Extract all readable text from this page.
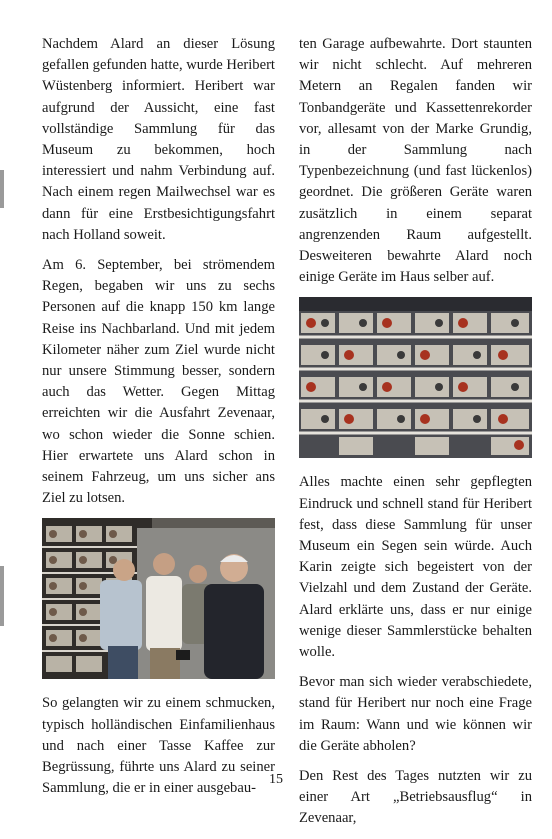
Nachdem Alard an dieser Lösung gefallen gefunden hatte, wurde Heribert Wüstenberg informiert. Heribert war aufgrund der Aussicht, eine fast vollständige Sammlung für das Museum zu bekommen, hoch interessiert und nahm Verbindung auf. Nach einem regen Mailwechsel war es dann für eine Erstbesichtigungsfahrt nach Holland soweit.

Am 6. September, bei strömendem Regen, begaben wir uns zu sechs Personen auf die knapp 150 km lange Reise ins Nachbarland. Und mit jedem Kilometer näher zum Ziel wurde nicht nur unsere Stimmung besser, sondern auch das Wetter. Gegen Mittag erreichten wir die Ausfahrt Zevenaar, wo schon wieder die Sonne schien. Hier erwartete uns Alard schon in seinem Fahrzeug, um uns sicher ans Ziel zu lotsen.

So gelangten wir zu einem schmucken, typisch holländischen Einfamilienhaus und nach einer Tasse Kaffee zur Begrüssung, führte uns Alard zu seiner Sammlung, die er in einer ausgebau-

ten Garage aufbewahrte. Dort staunten wir nicht schlecht. Auf mehreren Metern an Regalen fanden wir Tonbandgeräte und Kassettenrekorder vor, allesamt von der Marke Grundig, in der Sammlung nach Typenbezeichnung (und fast lückenlos) geordnet. Die größeren Geräte waren zusätzlich in einem separat angrenzenden Raum aufgestellt. Desweiteren bewahrte Alard noch einige Geräte im Haus selber auf.

Alles machte einen sehr gepflegten Eindruck und schnell stand für Heribert fest, dass diese Sammlung für unser Museum ein Segen sein würde. Auch Karin zeigte sich begeistert von der Vielzahl und dem Zustand der Geräte. Alard erklärte uns, dass er nur einige wenige dieser Sammlerstücke behalten wolle.

Bevor man sich wieder verabschiedete, stand für Heribert nur noch eine Frage im Raum: Wann und wie können wir die Geräte abholen?

Den Rest des Tages nutzten wir zu einer Art „Betriebsausflug“ in Zevenaar,

15
